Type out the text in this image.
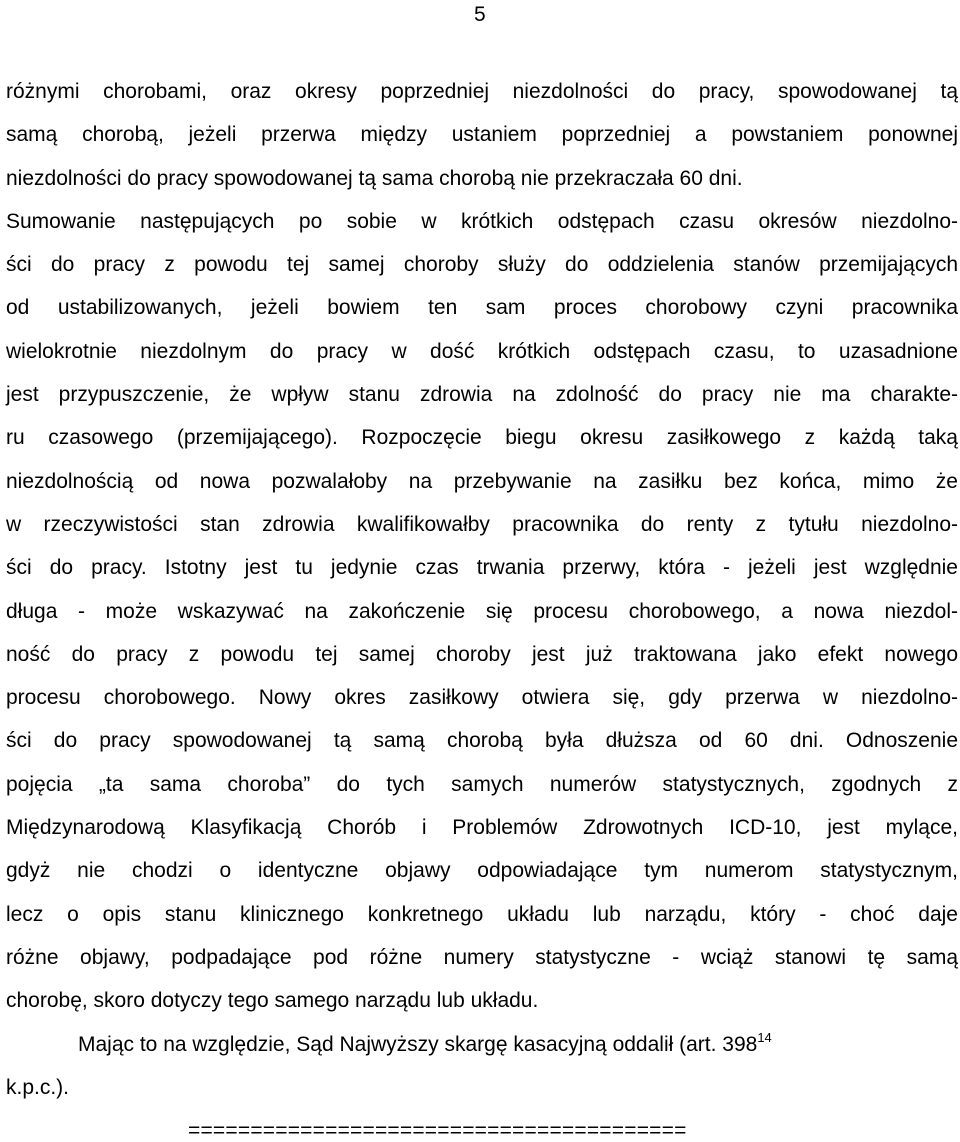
5
różnymi chorobami, oraz okresy poprzedniej niezdolności do pracy, spowodowanej tą
samą chorobą, jeżeli przerwa między ustaniem poprzedniej a powstaniem ponownej
niezdolności do pracy spowodowanej tą sama chorobą nie przekraczała 60 dni.
Sumowanie następujących po sobie w krótkich odstępach czasu okresów niezdolno-
ści do pracy z powodu tej samej choroby służy do oddzielenia stanów przemijających
od ustabilizowanych, jeżeli bowiem ten sam proces chorobowy czyni pracownika
wielokrotnie niezdolnym do pracy w dość krótkich odstępach czasu, to uzasadnione
jest przypuszczenie, że wpływ stanu zdrowia na zdolność do pracy nie ma charakte-
ru czasowego (przemijającego). Rozpoczęcie biegu okresu zasiłkowego z każdą taką
niezdolnością od nowa pozwalałoby na przebywanie na zasiłku bez końca, mimo że
w rzeczywistości stan zdrowia kwalifikowałby pracownika do renty z tytułu niezdolno-
ści do pracy. Istotny jest tu jedynie czas trwania przerwy, która - jeżeli jest względnie
długa - może wskazywać na zakończenie się procesu chorobowego, a nowa niezdol-
ność do pracy z powodu tej samej choroby jest już traktowana jako efekt nowego
procesu chorobowego. Nowy okres zasiłkowy otwiera się, gdy przerwa w niezdolno-
ści do pracy spowodowanej tą samą chorobą była dłuższa od 60 dni. Odnoszenie
pojęcia „ta sama choroba” do tych samych numerów statystycznych, zgodnych z
Międzynarodową Klasyfikacją Chorób i Problemów Zdrowotnych ICD-10, jest mylące,
gdyż nie chodzi o identyczne objawy odpowiadające tym numerom statystycznym,
lecz o opis stanu klinicznego konkretnego układu lub narządu, który - choć daje
różne objawy, podpadające pod różne numery statystyczne - wciąż stanowi tę samą
chorobę, skoro dotyczy tego samego narządu lub układu.
Mając to na względzie, Sąd Najwyższy skargę kasacyjną oddalił (art. $398^{14}$
k.p.c.).
========================================
